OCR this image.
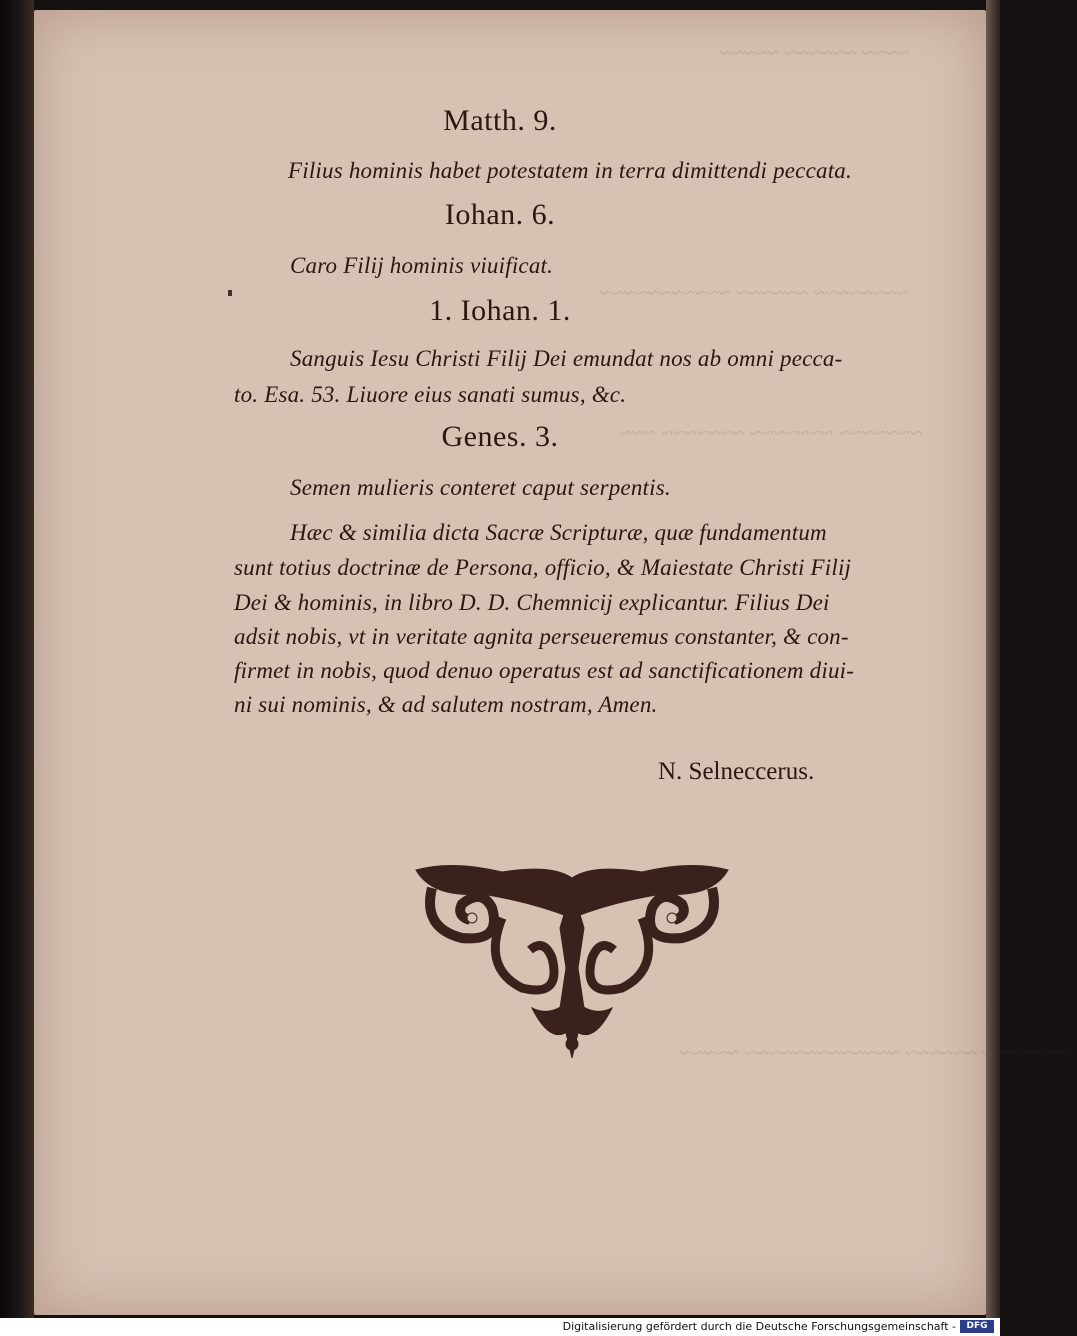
~~~~ ~~~~~~ ~~~~~
~~~~~~~~ ~~~~~~ ~~~~~~~~~~~
~~~~~~~ ~~~~~~~ ~~~~~~~ ~~~
~~~~~~~~ ~~~~~~ ~~~~~~~~~~~~~ ~~~~~
Matth. 9.
Filius hominis habet potestatem in terra dimittendi peccata.
Iohan. 6.
Caro Filij hominis viuificat.
1. Iohan. 1.
Sanguis Iesu Christi Filij Dei emundat nos ab omni pecca-
to. Esa. 53. Liuore eius sanati sumus, &c.
Genes. 3.
Semen mulieris conteret caput serpentis.
Hæc & similia dicta Sacræ Scripturæ, quæ fundamentum
sunt totius doctrinæ de Persona, officio, & Maiestate Christi Filij
Dei & hominis, in libro D. D. Chemnicij explicantur. Filius Dei
adsit nobis, vt in veritate agnita perseueremus constanter, & con-
firmet in nobis, quod denuo operatus est ad sanctificationem diui-
ni sui nominis, & ad salutem nostram, Amen.
N. Selneccerus.
Digitalisierung gefördert durch die Deutsche Forschungsgemeinschaft -	DFG
